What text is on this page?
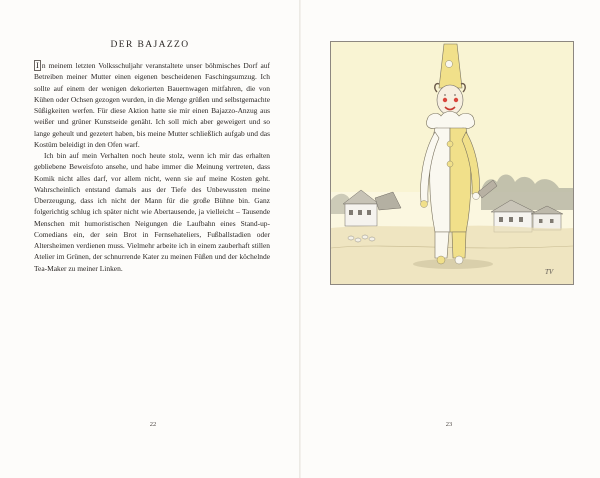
DER BAJAZZO

I n meinem letzten Volksschuljahr veranstaltete unser böhmisches Dorf auf Betreiben meiner Mutter einen eigenen bescheidenen Faschingsumzug. Ich sollte auf einem der wenigen dekorierten Bauernwagen mitfahren, die von Kühen oder Ochsen gezogen wurden, in die Menge grüßen und selbstgemachte Süßigkeiten werfen. Für diese Aktion hatte sie mir einen Bajazzo-Anzug aus weißer und grüner Kunstseide genäht. Ich soll mich aber geweigert und so lange geheult und gezetert haben, bis meine Mutter schließlich aufgab und das Kostüm beleidigt in den Ofen warf.

Ich bin auf mein Verhalten noch heute stolz, wenn ich mir das erhalten gebliebene Beweisfoto ansehe, und habe immer die Meinung vertreten, dass Komik nicht alles darf, vor allem nicht, wenn sie auf meine Kosten geht. Wahrscheinlich entstand damals aus der Tiefe des Unbewussten meine Überzeugung, dass ich nicht der Mann für die große Bühne bin. Ganz folgerichtig schlug ich später nicht wie Abertausende, ja vielleicht – Tausende Menschen mit humoristischen Neigungen die Laufbahn eines Stand-up-Comedians ein, der sein Brot in Fernsehateliers, Fußballstadien oder Altersheimen verdienen muss. Vielmehr arbeite ich in einem zauberhaft stillen Atelier im Grünen, der schnurrende Kater zu meinen Füßen und der köchelnde Tea-Maker zu meiner Linken.

22
TV
23
